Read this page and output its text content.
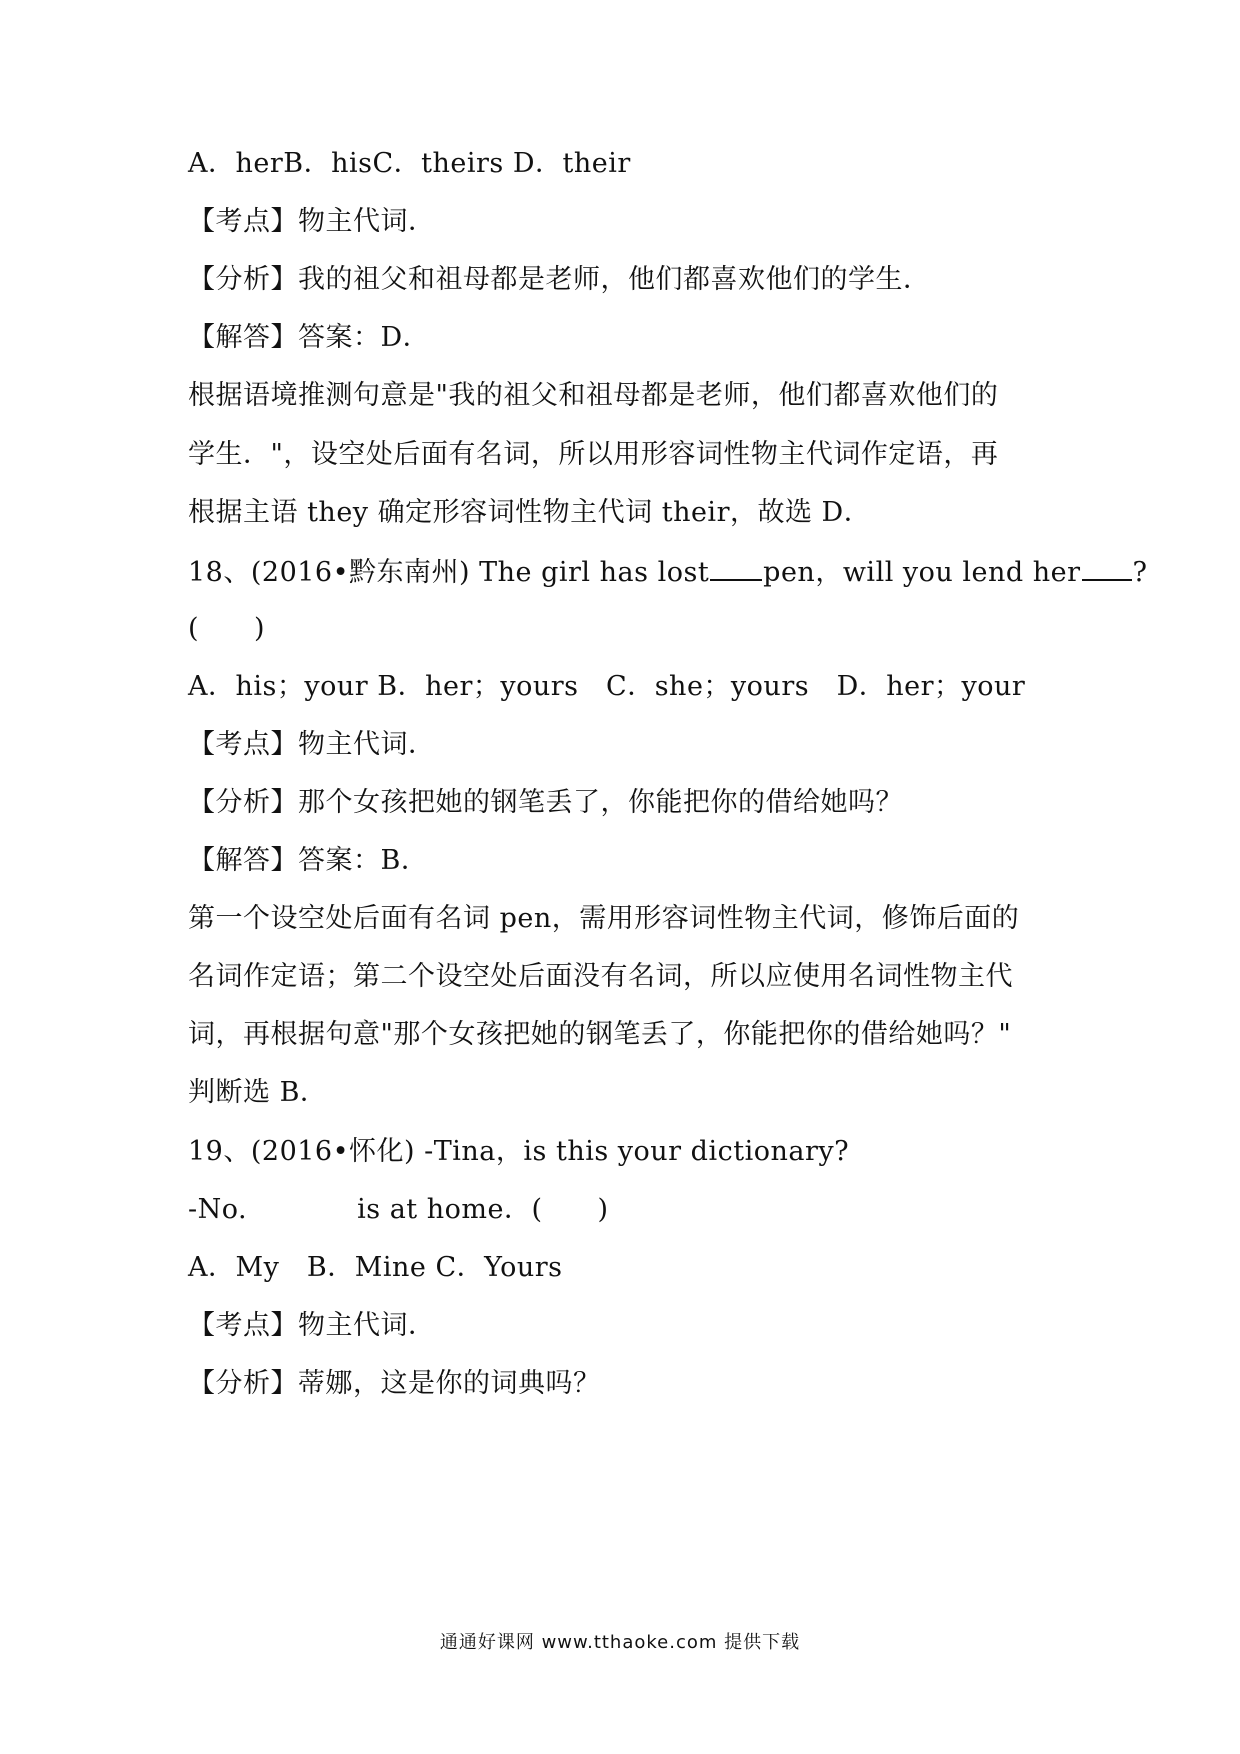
A．herB．hisC．theirs D．their
【考点】物主代词．
【分析】我的祖父和祖母都是老师，他们都喜欢他们的学生．
【解答】答案：D．
根据语境推测句意是"我的祖父和祖母都是老师，他们都喜欢他们的
学生．"，设空处后面有名词，所以用形容词性物主代词作定语，再
根据主语 they 确定形容词性物主代词 their，故选 D．
18、(2016•黔东南州) The girl has lost pen，will you lend her ?
(　　)
A．his；your B．her；yours　C．she；yours　D．her；your
【考点】物主代词．
【分析】那个女孩把她的钢笔丢了，你能把你的借给她吗？
【解答】答案：B．
第一个设空处后面有名词 pen，需用形容词性物主代词，修饰后面的
名词作定语；第二个设空处后面没有名词，所以应使用名词性物主代
词，再根据句意"那个女孩把她的钢笔丢了，你能把你的借给她吗？"
判断选 B．
19、(2016•怀化) -Tina，is this your dictionary?
-No.	is at home．(　　)
A．My　B．Mine C．Yours
【考点】物主代词．
【分析】蒂娜，这是你的词典吗？
通通好课网 www.tthaoke.com 提供下载
